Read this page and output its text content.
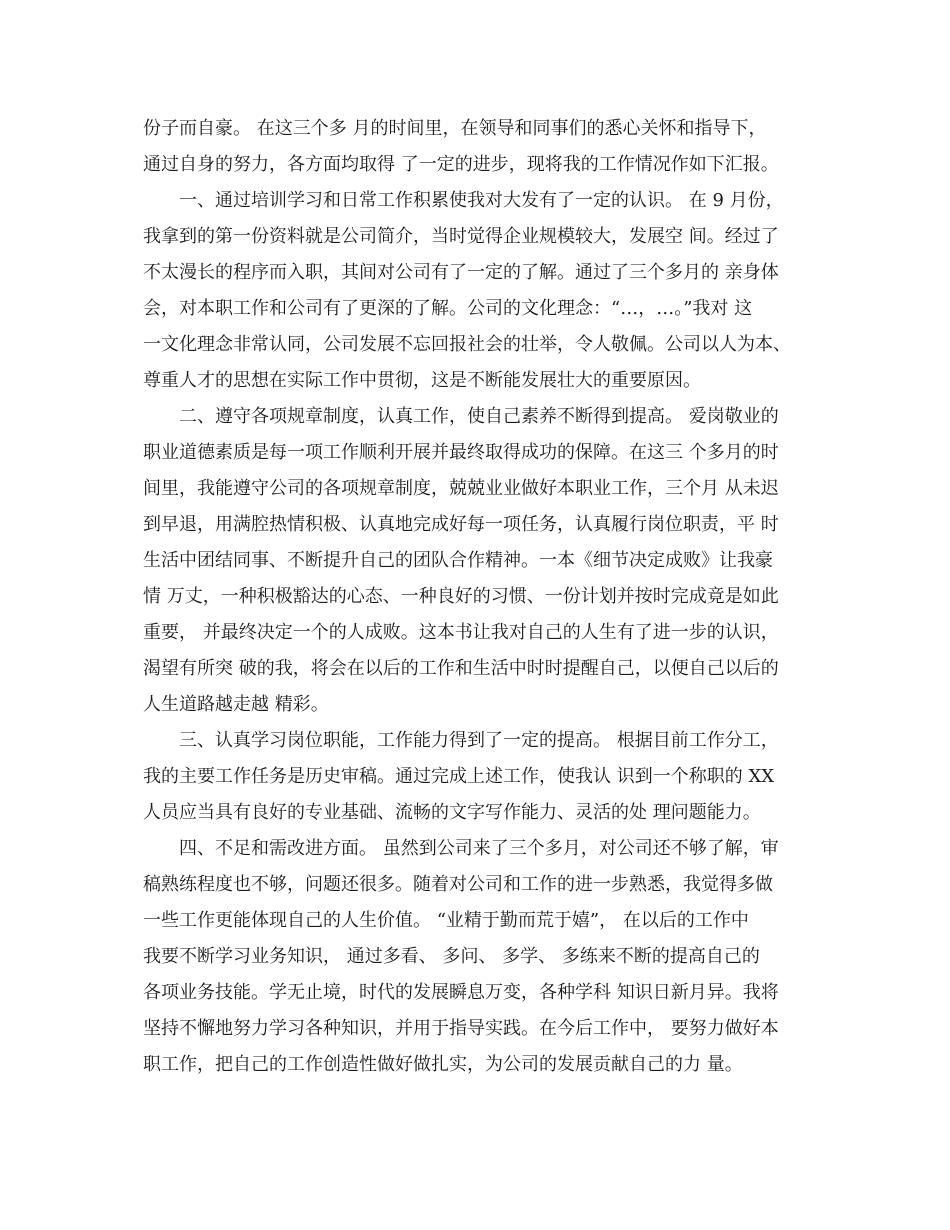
份子而自豪。 在这三个多 月的时间里，在领导和同事们的悉心关怀和指导下，
通过自身的努力，各方面均取得 了一定的进步，现将我的工作情况作如下汇报。
一、通过培训学习和日常工作积累使我对大发有了一定的认识。 在 9 月份，
我拿到的第一份资料就是公司简介，当时觉得企业规模较大，发展空 间。经过了
不太漫长的程序而入职，其间对公司有了一定的了解。通过了三个多月的 亲身体
会，对本职工作和公司有了更深的了解。公司的文化理念：“…，…。”我对 这
一文化理念非常认同，公司发展不忘回报社会的壮举，令人敬佩。公司以人为本、
尊重人才的思想在实际工作中贯彻，这是不断能发展壮大的重要原因。
二、遵守各项规章制度，认真工作，使自己素养不断得到提高。 爱岗敬业的
职业道德素质是每一项工作顺利开展并最终取得成功的保障。在这三 个多月的时
间里，我能遵守公司的各项规章制度，兢兢业业做好本职业工作，三个月 从未迟
到早退，用满腔热情积极、认真地完成好每一项任务，认真履行岗位职责，平 时
生活中团结同事、不断提升自己的团队合作精神。一本《细节决定成败》让我豪
情 万丈，一种积极豁达的心态、一种良好的习惯、一份计划并按时完成竟是如此
重要， 并最终决定一个的人成败。这本书让我对自己的人生有了进一步的认识，
渴望有所突 破的我，将会在以后的工作和生活中时时提醒自己，以便自己以后的
人生道路越走越 精彩。
三、认真学习岗位职能，工作能力得到了一定的提高。 根据目前工作分工，
我的主要工作任务是历史审稿。通过完成上述工作，使我认 识到一个称职的 XX
人员应当具有良好的专业基础、流畅的文字写作能力、灵活的处 理问题能力。
四、不足和需改进方面。 虽然到公司来了三个多月，对公司还不够了解，审
稿熟练程度也不够，问题还很多。随着对公司和工作的进一步熟悉，我觉得多做
一些工作更能体现自己的人生价值。 “业精于勤而荒于嬉”， 在以后的工作中
我要不断学习业务知识， 通过多看、 多问、 多学、 多练来不断的提高自己的
各项业务技能。学无止境，时代的发展瞬息万变，各种学科 知识日新月异。我将
坚持不懈地努力学习各种知识，并用于指导实践。在今后工作中， 要努力做好本
职工作，把自己的工作创造性做好做扎实，为公司的发展贡献自己的力 量。
